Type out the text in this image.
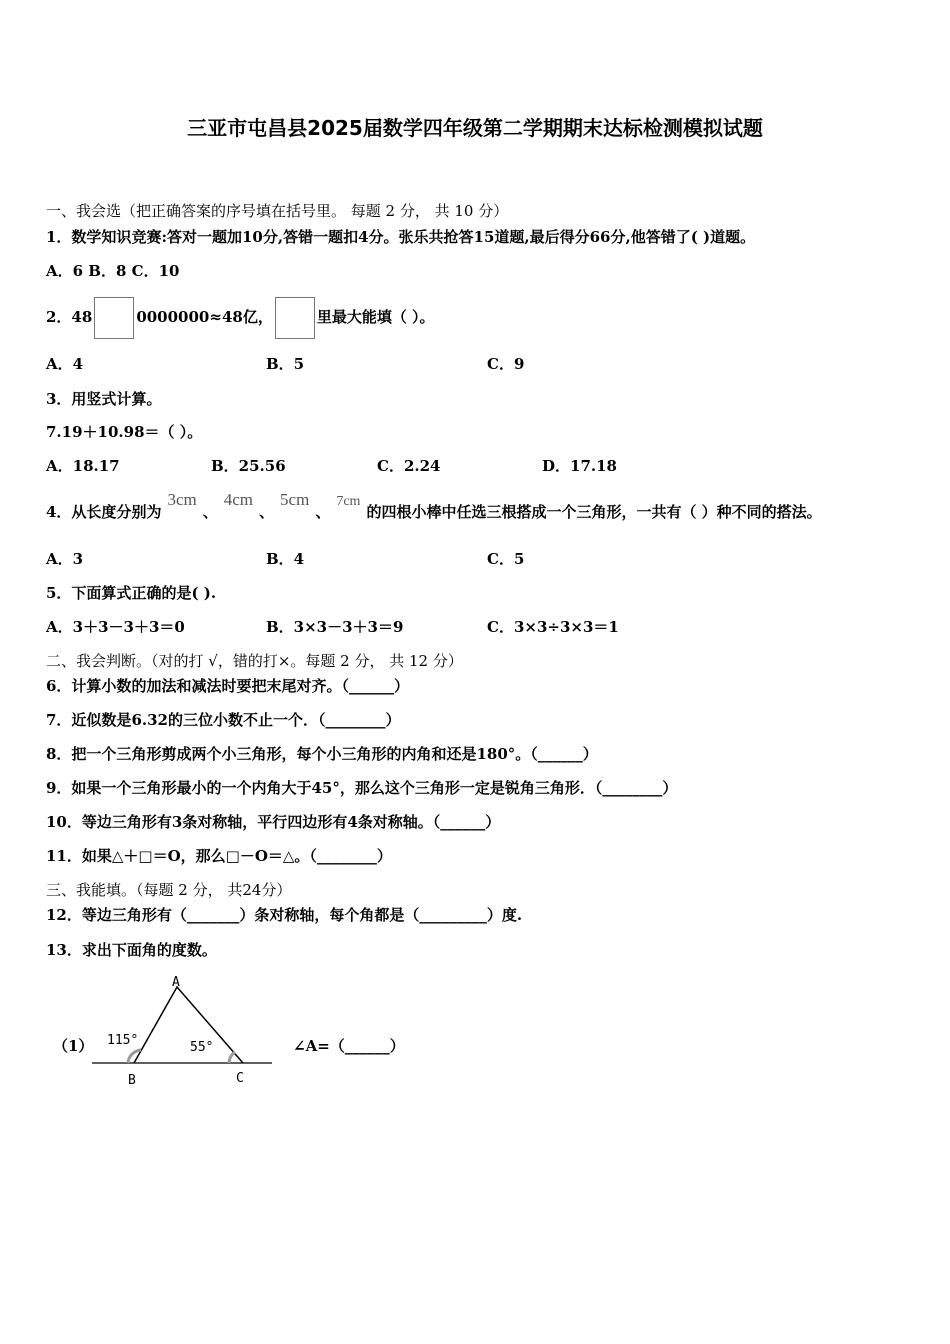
三亚市屯昌县2025届数学四年级第二学期期末达标检测模拟试题
一、我会选（把正确答案的序号填在括号里。 每题 2 分， 共 10 分）
1．数学知识竞赛:答对一题加10分,答错一题扣4分。张乐共抢答15道题,最后得分66分,他答错了( )道题。
A．6 B．8 C．10
2．48	0000000≈48亿，	里最大能填（ ）。
A．4	B．5	C．9
3．用竖式计算。
7.19＋10.98＝（ ）。
A．18.17	B．25.56	C．2.24	D．17.18
4．从长度分别为3cm、4cm、5cm、7cm的四根小棒中任选三根搭成一个三角形，一共有（ ）种不同的搭法。
A．3	B．4	C．5
5．下面算式正确的是( ).
A．3＋3－3＋3＝0	B．3×3－3＋3＝9	C．3×3÷3×3＝1
二、我会判断。（对的打 √，错的打×。每题 2 分， 共 12 分）
6．计算小数的加法和减法时要把末尾对齐。（______）
7．近似数是6.32的三位小数不止一个．（________）
8．把一个三角形剪成两个小三角形，每个小三角形的内角和还是180°。（______）
9．如果一个三角形最小的一个内角大于45°，那么这个三角形一定是锐角三角形．（________）
10．等边三角形有3条对称轴，平行四边形有4条对称轴。（______）
11．如果△＋□＝O，那么□－O＝△。（________）
三、我能填。（每题 2 分， 共24分）
12．等边三角形有（_______）条对称轴，每个角都是（_________）度.
13．求出下面角的度数。
（1）
A
B	C
115°	55°	∠A=（______）
